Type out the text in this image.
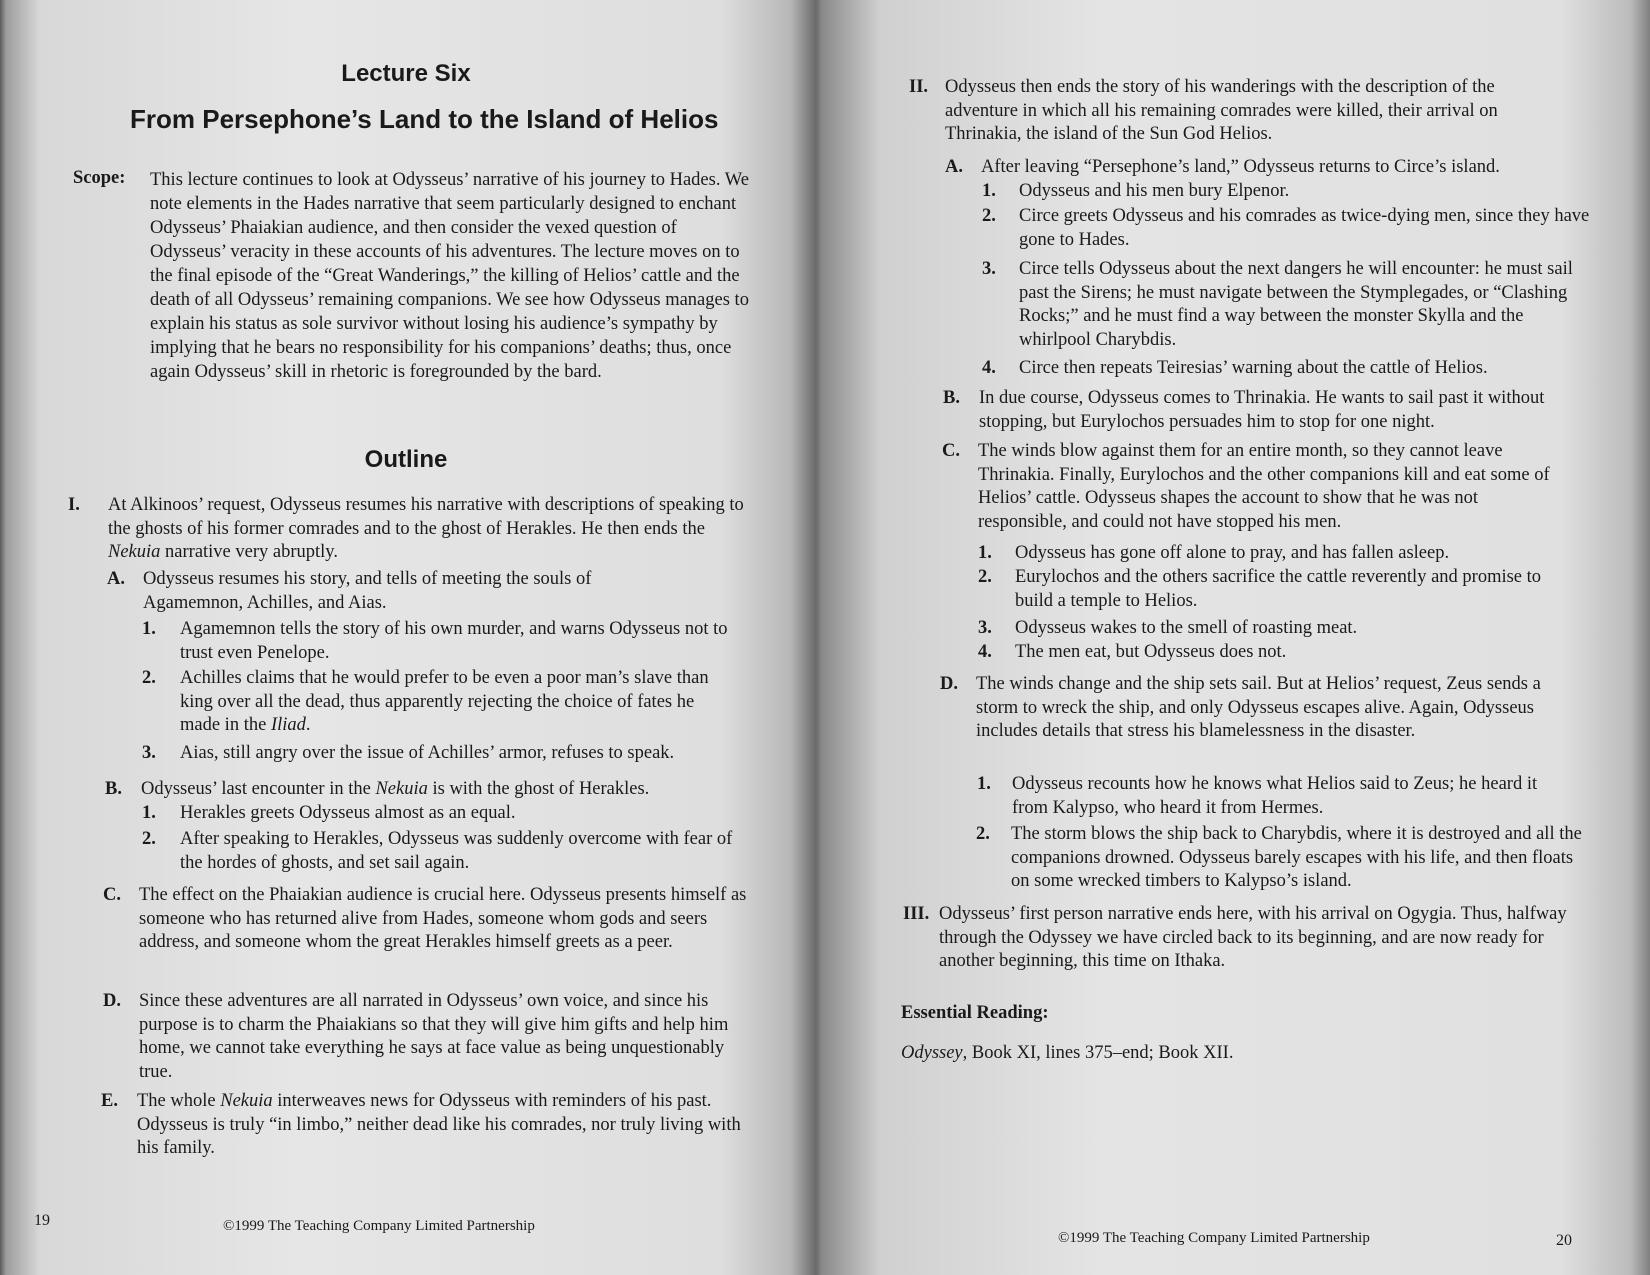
Lecture Six
From Persephone’s Land to the Island of Helios
Scope: This lecture continues to look at Odysseus’ narrative of his journey to Hades. We note elements in the Hades narrative that seem particularly designed to enchant Odysseus’ Phaiakian audience, and then consider the vexed question of Odysseus’ veracity in these accounts of his adventures. The lecture moves on to the final episode of the “Great Wanderings,” the killing of Helios’ cattle and the death of all Odysseus’ remaining companions. We see how Odysseus manages to explain his status as sole survivor without losing his audience’s sympathy by implying that he bears no responsibility for his companions’ deaths; thus, once again Odysseus’ skill in rhetoric is foregrounded by the bard.

Outline
I. At Alkinoos’ request, Odysseus resumes his narrative with descriptions of speaking to the ghosts of his former comrades and to the ghost of Herakles. He then ends the Nekuia narrative very abruptly.

A. Odysseus resumes his story, and tells of meeting the souls of Agamemnon, Achilles, and Aias.

1. Agamemnon tells the story of his own murder, and warns Odysseus not to trust even Penelope.

2. Achilles claims that he would prefer to be even a poor man’s slave than king over all the dead, thus apparently rejecting the choice of fates he made in the Iliad.

3. Aias, still angry over the issue of Achilles’ armor, refuses to speak.

B. Odysseus’ last encounter in the Nekuia is with the ghost of Herakles.

1. Herakles greets Odysseus almost as an equal.

2. After speaking to Herakles, Odysseus was suddenly overcome with fear of the hordes of ghosts, and set sail again.

C. The effect on the Phaiakian audience is crucial here. Odysseus presents himself as someone who has returned alive from Hades, someone whom gods and seers address, and someone whom the great Herakles himself greets as a peer.

D. Since these adventures are all narrated in Odysseus’ own voice, and since his purpose is to charm the Phaiakians so that they will give him gifts and help him home, we cannot take everything he says at face value as being unquestionably true.

E. The whole Nekuia interweaves news for Odysseus with reminders of his past. Odysseus is truly “in limbo,” neither dead like his comrades, nor truly living with his family.

19	©1999 The Teaching Company Limited Partnership
II. Odysseus then ends the story of his wanderings with the description of the adventure in which all his remaining comrades were killed, their arrival on Thrinakia, the island of the Sun God Helios.

A. After leaving “Persephone’s land,” Odysseus returns to Circe’s island.

1. Odysseus and his men bury Elpenor.

2. Circe greets Odysseus and his comrades as twice-dying men, since they have gone to Hades.

3. Circe tells Odysseus about the next dangers he will encounter: he must sail past the Sirens; he must navigate between the Stymplegades, or “Clashing Rocks;” and he must find a way between the monster Skylla and the whirlpool Charybdis.

4. Circe then repeats Teiresias’ warning about the cattle of Helios.

B. In due course, Odysseus comes to Thrinakia. He wants to sail past it without stopping, but Eurylochos persuades him to stop for one night.

C. The winds blow against them for an entire month, so they cannot leave Thrinakia. Finally, Eurylochos and the other companions kill and eat some of Helios’ cattle. Odysseus shapes the account to show that he was not responsible, and could not have stopped his men.

1. Odysseus has gone off alone to pray, and has fallen asleep.

2. Eurylochos and the others sacrifice the cattle reverently and promise to build a temple to Helios.

3. Odysseus wakes to the smell of roasting meat.

4. The men eat, but Odysseus does not.

D. The winds change and the ship sets sail. But at Helios’ request, Zeus sends a storm to wreck the ship, and only Odysseus escapes alive. Again, Odysseus includes details that stress his blamelessness in the disaster.

1. Odysseus recounts how he knows what Helios said to Zeus; he heard it from Kalypso, who heard it from Hermes.

2. The storm blows the ship back to Charybdis, where it is destroyed and all the companions drowned. Odysseus barely escapes with his life, and then floats on some wrecked timbers to Kalypso’s island.

III. Odysseus’ first person narrative ends here, with his arrival on Ogygia. Thus, halfway through the Odyssey we have circled back to its beginning, and are now ready for another beginning, this time on Ithaka.

Essential Reading:
Odyssey, Book XI, lines 375–end; Book XII.
©1999 The Teaching Company Limited Partnership	20
